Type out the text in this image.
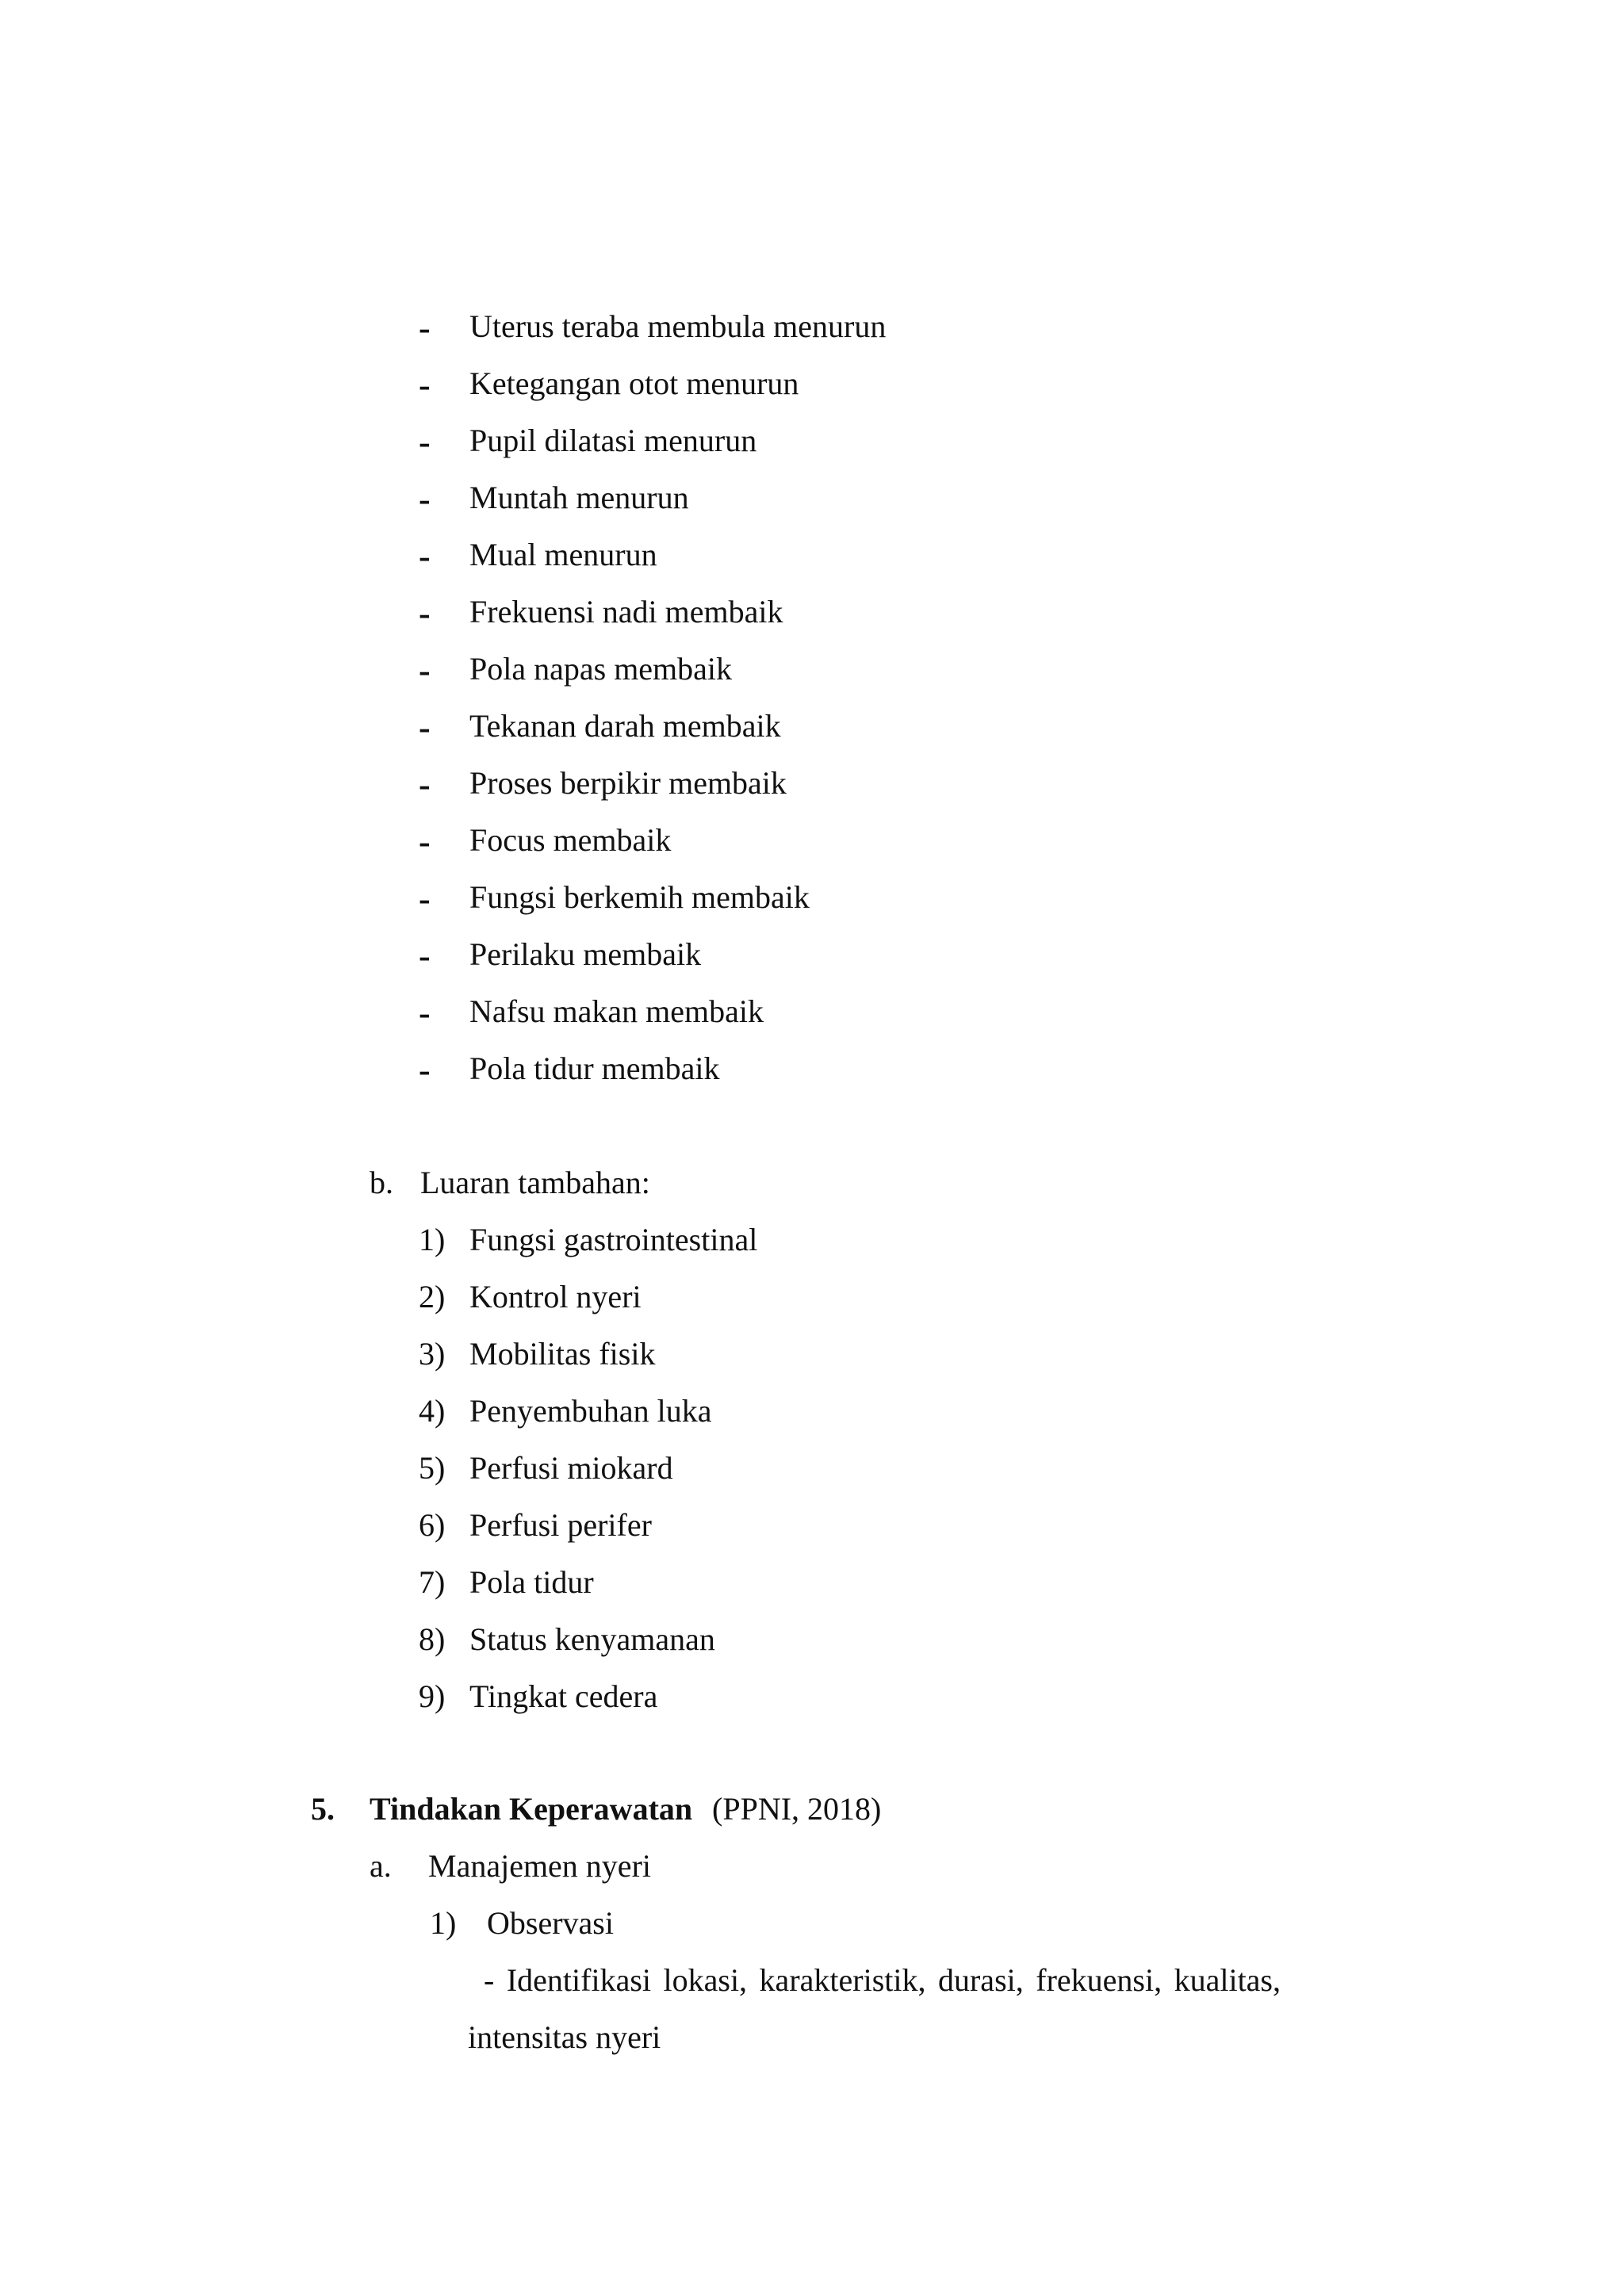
- Uterus teraba membula menurun
- Ketegangan otot menurun
- Pupil dilatasi menurun
- Muntah menurun
- Mual menurun
- Frekuensi nadi membaik
- Pola napas membaik
- Tekanan darah membaik
- Proses berpikir membaik
- Focus membaik
- Fungsi berkemih membaik
- Perilaku membaik
- Nafsu makan membaik
- Pola tidur membaik
b. Luaran tambahan:
1) Fungsi gastrointestinal
2) Kontrol nyeri
3) Mobilitas fisik
4) Penyembuhan luka
5) Perfusi miokard
6) Perfusi perifer
7) Pola tidur
8) Status kenyamanan
9) Tingkat cedera
5. Tindakan Keperawatan (PPNI, 2018)
a. Manajemen nyeri
1) Observasi
- Identifikasi lokasi, karakteristik, durasi, frekuensi, kualitas,
intensitas nyeri
